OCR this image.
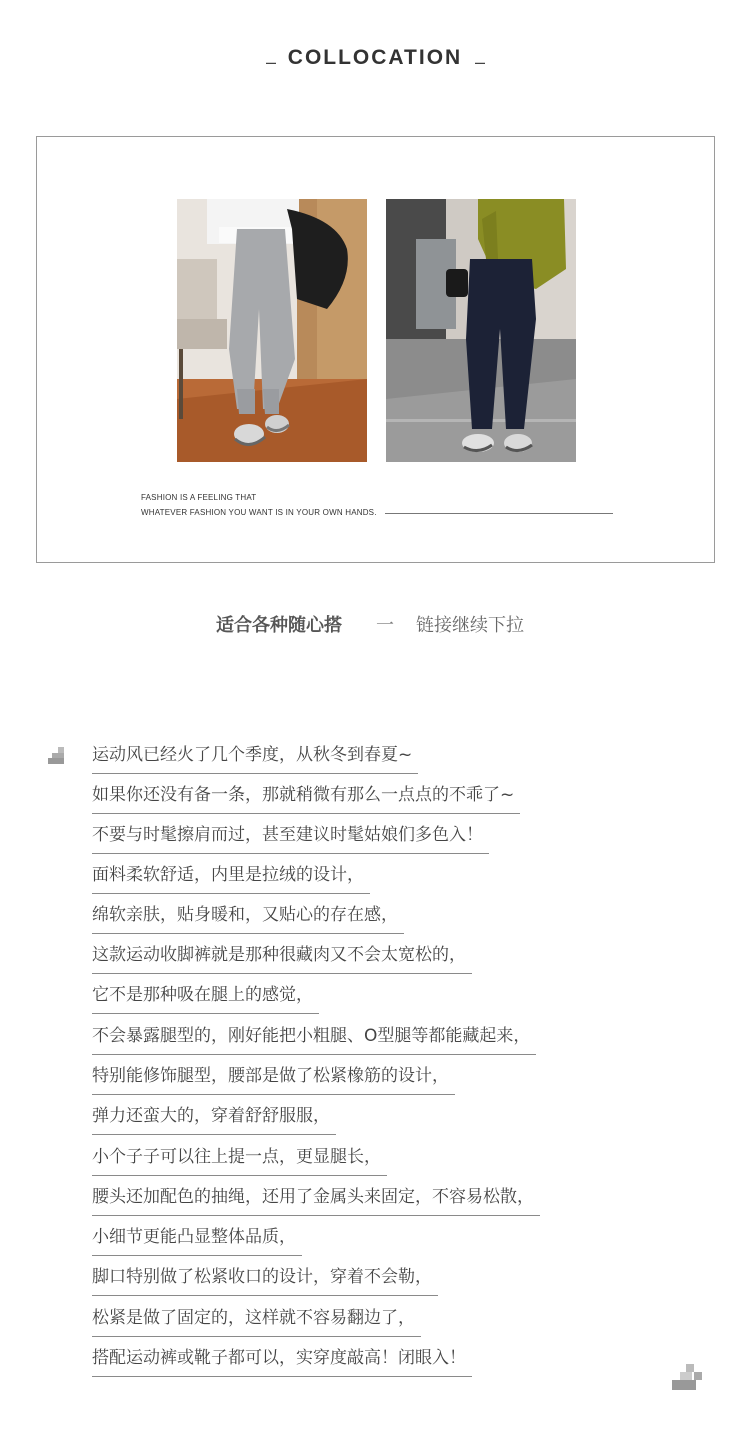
– COLLOCATION –
FASHION IS A FEELING THAT
WHATEVER FASHION YOU WANT IS IN YOUR OWN HANDS.
适合各种随心搭 一 链接继续下拉
运动风已经火了几个季度，从秋冬到春夏~
如果你还没有备一条，那就稍微有那么一点点的不乖了~
不要与时髦擦肩而过，甚至建议时髦姑娘们多色入！
面料柔软舒适，内里是拉绒的设计，
绵软亲肤，贴身暖和，又贴心的存在感，
这款运动收脚裤就是那种很藏肉又不会太宽松的，
它不是那种吸在腿上的感觉，
不会暴露腿型的，刚好能把小粗腿、O型腿等都能藏起来，
特别能修饰腿型，腰部是做了松紧橡筋的设计，
弹力还蛮大的，穿着舒舒服服，
小个子子可以往上提一点，更显腿长，
腰头还加配色的抽绳，还用了金属头来固定，不容易松散，
小细节更能凸显整体品质，
脚口特别做了松紧收口的设计，穿着不会勒，
松紧是做了固定的，这样就不容易翻边了，
搭配运动裤或靴子都可以，实穿度敲高！闭眼入！
